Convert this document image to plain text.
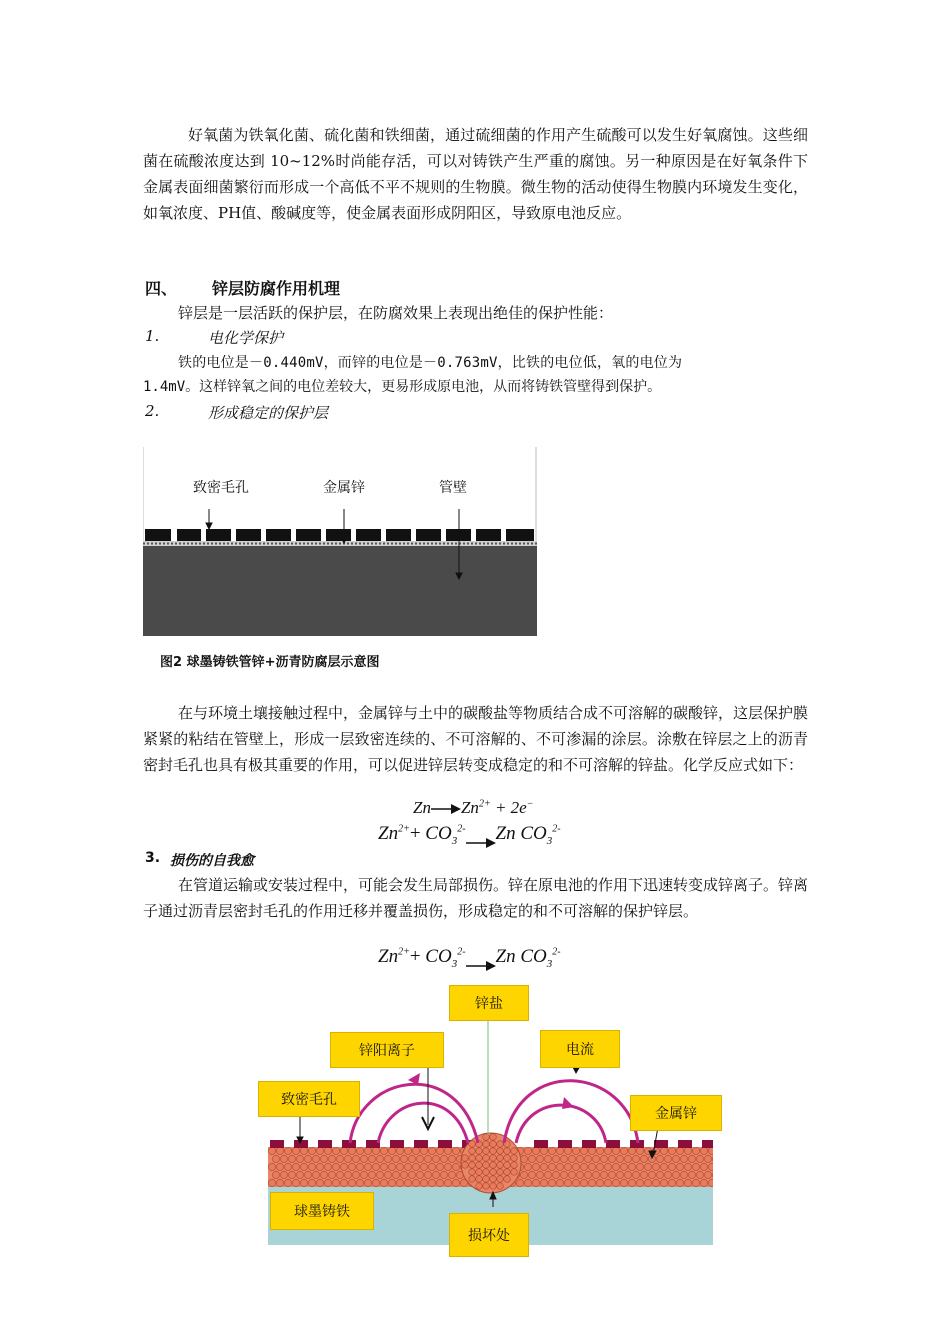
好氧菌为铁氧化菌、硫化菌和铁细菌，通过硫细菌的作用产生硫酸可以发生好氧腐蚀。这些细菌在硫酸浓度达到 10~12%时尚能存活，可以对铸铁产生严重的腐蚀。另一种原因是在好氧条件下金属表面细菌繁衍而形成一个高低不平不规则的生物膜。微生物的活动使得生物膜内环境发生变化，如氧浓度、PH值、酸碱度等，使金属表面形成阴阳区，导致原电池反应。
四、 锌层防腐作用机理
锌层是一层活跃的保护层，在防腐效果上表现出绝佳的保护性能：
1.	电化学保护
铁的电位是－0.440mV，而锌的电位是－0.763mV，比铁的电位低，氧的电位为
1.4mV。这样锌氧之间的电位差较大，更易形成原电池，从而将铸铁管壁得到保护。
2.	形成稳定的保护层
致密毛孔	金属锌	管壁
图2 球墨铸铁管锌+沥青防腐层示意图
在与环境土壤接触过程中，金属锌与土中的碳酸盐等物质结合成不可溶解的碳酸锌，这层保护膜紧紧的粘结在管壁上，形成一层致密连续的、不可溶解的、不可渗漏的涂层。涂敷在锌层之上的沥青密封毛孔也具有极其重要的作用，可以促进锌层转变成稳定的和不可溶解的锌盐。化学反应式如下：
Zn $Zn^{2+} + 2e^-$
$Zn^{2+}+ CO_3^{2-}$ Zn $CO_3^{2-}$
3. 损伤的自我愈
在管道运输或安装过程中，可能会发生局部损伤。锌在原电池的作用下迅速转变成锌离子。锌离子通过沥青层密封毛孔的作用迁移并覆盖损伤，形成稳定的和不可溶解的保护锌层。
$Zn^{2+}+ CO_3^{2-}$ Zn $CO_3^{2-}$
锌盐
锌阳离子	电流
致密毛孔
金属锌
球墨铸铁
损坏处
